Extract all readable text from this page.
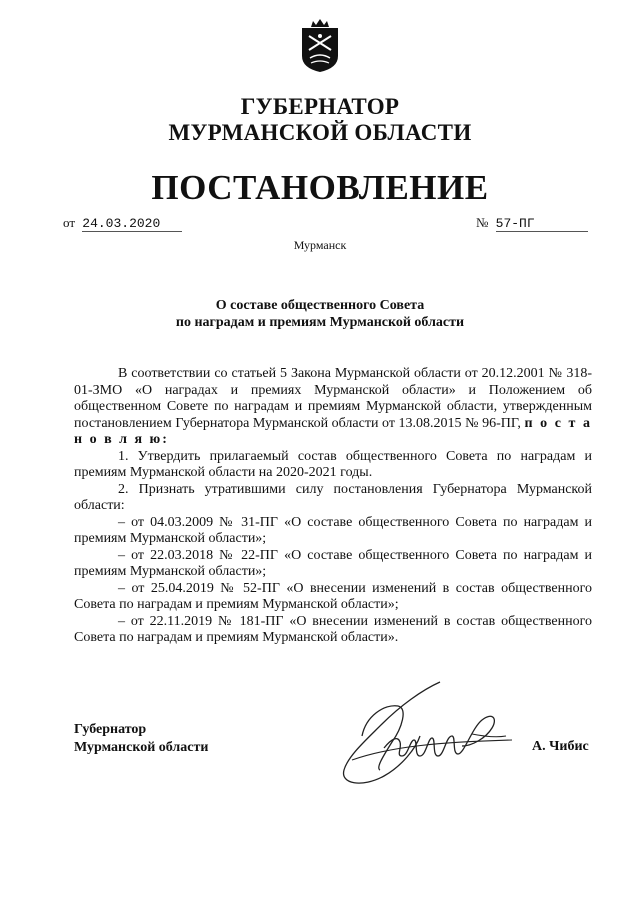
ГУБЕРНАТОР
МУРМАНСКОЙ ОБЛАСТИ
ПОСТАНОВЛЕНИЕ
от 24.03.2020	№ 57-ПГ
Мурманск
О составе общественного Совета
по наградам и премиям Мурманской области

В соответствии со статьей 5 Закона Мурманской области от 20.12.2001 № 318-01-ЗМО «О наградах и премиях Мурманской области» и Положением об общественном Совете по наградам и премиям Мурманской области, утвержденным постановлением Губернатора Мурманской области от 13.08.2015 № 96-ПГ, п о с т а н о в л я ю:

1. Утвердить прилагаемый состав общественного Совета по наградам и премиям Мурманской области на 2020-2021 годы.

2. Признать утратившими силу постановления Губернатора Мурманской области:

– от 04.03.2009 № 31-ПГ «О составе общественного Совета по наградам и премиям Мурманской области»;

– от 22.03.2018 № 22-ПГ «О составе общественного Совета по наградам и премиям Мурманской области»;

– от 25.04.2019 № 52-ПГ «О внесении изменений в состав общественного Совета по наградам и премиям Мурманской области»;

– от 22.11.2019 № 181-ПГ «О внесении изменений в состав общественного Совета по наградам и премиям Мурманской области».

Губернатор
Мурманской области	А. Чибис
